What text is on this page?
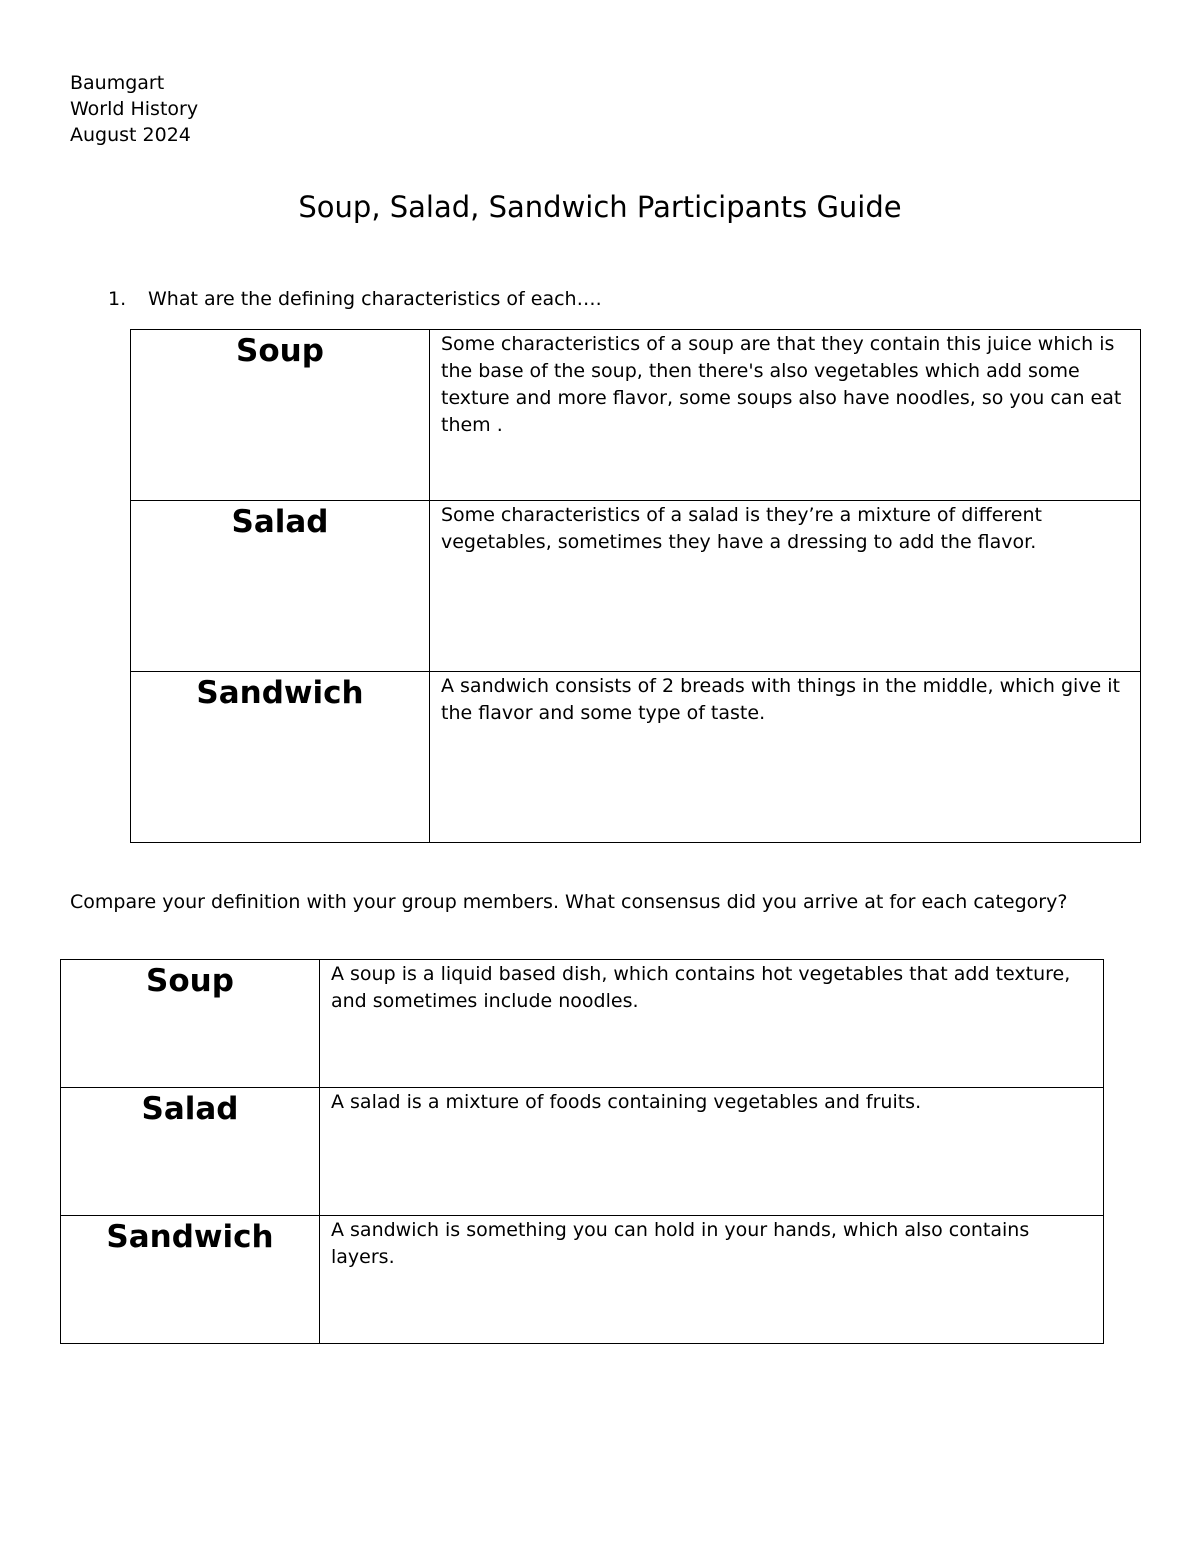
Baumgart
World History
August 2024
Soup, Salad, Sandwich Participants Guide
1. What are the defining characteristics of each….
Soup	Some characteristics of a soup are that they contain this juice which is the base of the soup, then there's also vegetables which add some texture and more flavor, some soups also have noodles, so you can eat them .

Salad	Some characteristics of a salad is they’re a mixture of different vegetables, sometimes they have a dressing to add the flavor.

Sandwich	A sandwich consists of 2 breads with things in the middle, which give it the flavor and some type of taste.
Compare your definition with your group members. What consensus did you arrive at for each category?
Soup	A soup is a liquid based dish, which contains hot vegetables that add texture, and sometimes include noodles.

Salad	A salad is a mixture of foods containing vegetables and fruits.

Sandwich	A sandwich is something you can hold in your hands, which also contains layers.
